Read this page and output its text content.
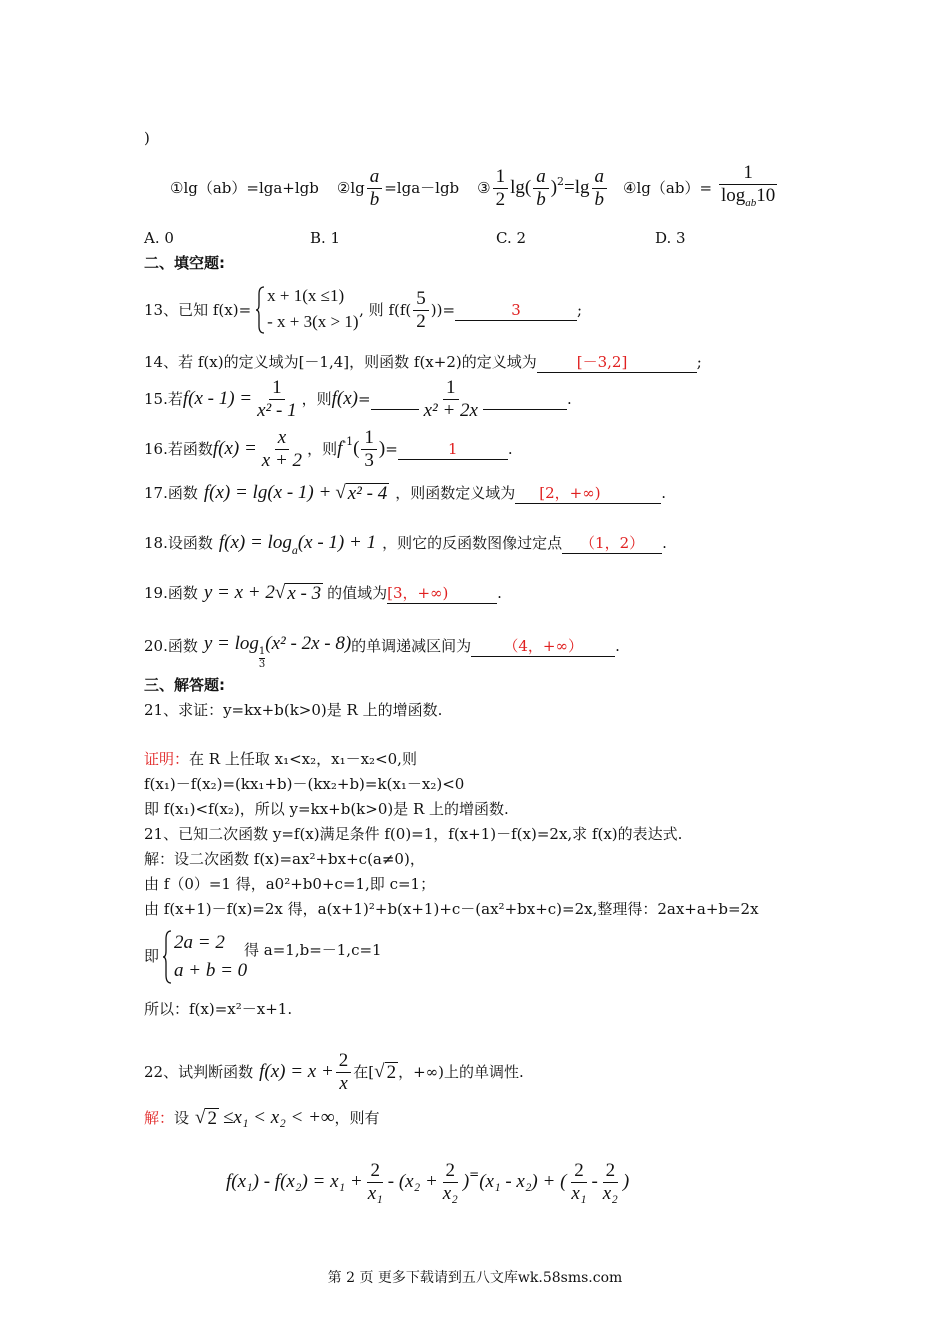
)
①lg（ab）=lga+lgb ②lg $\frac{a}{b} =\lg a-\lg b$ ③ $\frac{1}{2} \lg( \frac{a}{b} )^2 =\lg \frac{a}{b}$ ④lg（ab）= $\frac{1}{\log_{ab}10}$
A. 0	B. 1	C. 2	D. 3
二、填空题:
13、已知 f(x)=
x + 1(x ≤1)
- x + 3(x > 1)
, 则 $f(f( \frac{5}{2}$ ))=	3	;
14、若 f(x)的定义域为[－1,4]，则函数 f(x+2)的定义域为	[－3,2]	;
15.若 $f(x - 1) = \frac{1}{\text{x² - 1}}$ ，则 f(x) =	$\frac{1}{\text{x² + 2x}}$	.
16.若函数 $f(x) = \frac{x}{x + 2}$ ，则 $f^{-1}$ ( $\frac{1}{3}$ ) =	1	.
17.函数 f(x) = lg(x - 1) + √ x² - 4 ，则函数定义域为	[2，+∞)	.
18.设函数 $f(x) = \log_a (x - 1) + 1$ ，则它的反函数图像过定点	（1，2）	.
19.函数 y = x + 2 √ x - 3 的值域为 [3，+∞)	.
20.函数 y = log 1
3
(x² - 2x - 8) 的单调递减区间为	（4，+∞）	.
三、解答题:
21、求证：y=kx+b(k>0)是 R 上的增函数.
证明：在 R 上任取 x₁<x₂，x₁－x₂<0,则
f(x₁)－f(x₂)=(kx₁+b)－(kx₂+b)=k(x₁－x₂)<0
即 f(x₁)<f(x₂)，所以 y=kx+b(k>0)是 R 上的增函数.
21、已知二次函数 y=f(x)满足条件 f(0)=1，f(x+1)－f(x)=2x,求 f(x)的表达式.
解：设二次函数 f(x)=ax²+bx+c(a≠0)，
由 f（0）=1 得，a0²+b0+c=1,即 c=1；
由 f(x+1)－f(x)=2x 得，a(x+1)²+b(x+1)+c－(ax²+bx+c)=2x,整理得：2ax+a+b=2x
即
2a = 2
a + b = 0
得 a=1,b=－1,c=1
所以：f(x)=x²－x+1.
22、试判断函数 $f(x) = x + \frac{2}{x}$ 在[ √ 2 ，+∞)上的单调性.
解： 设 √ 2 ≤x₁ < x₂ < +∞ ，则有
$f(x_1) - f(x_2) = x_1 + \frac{2}{\text{x₁}} - (x_2 + \frac{2}{\text{x₂}}$ ) = (x₁ - x₂) + ( $\frac{2}{\text{x₁}} - \frac{2}{\text{x₂}}$ )
第 2 页 更多下载请到五八文库wk.58sms.com
